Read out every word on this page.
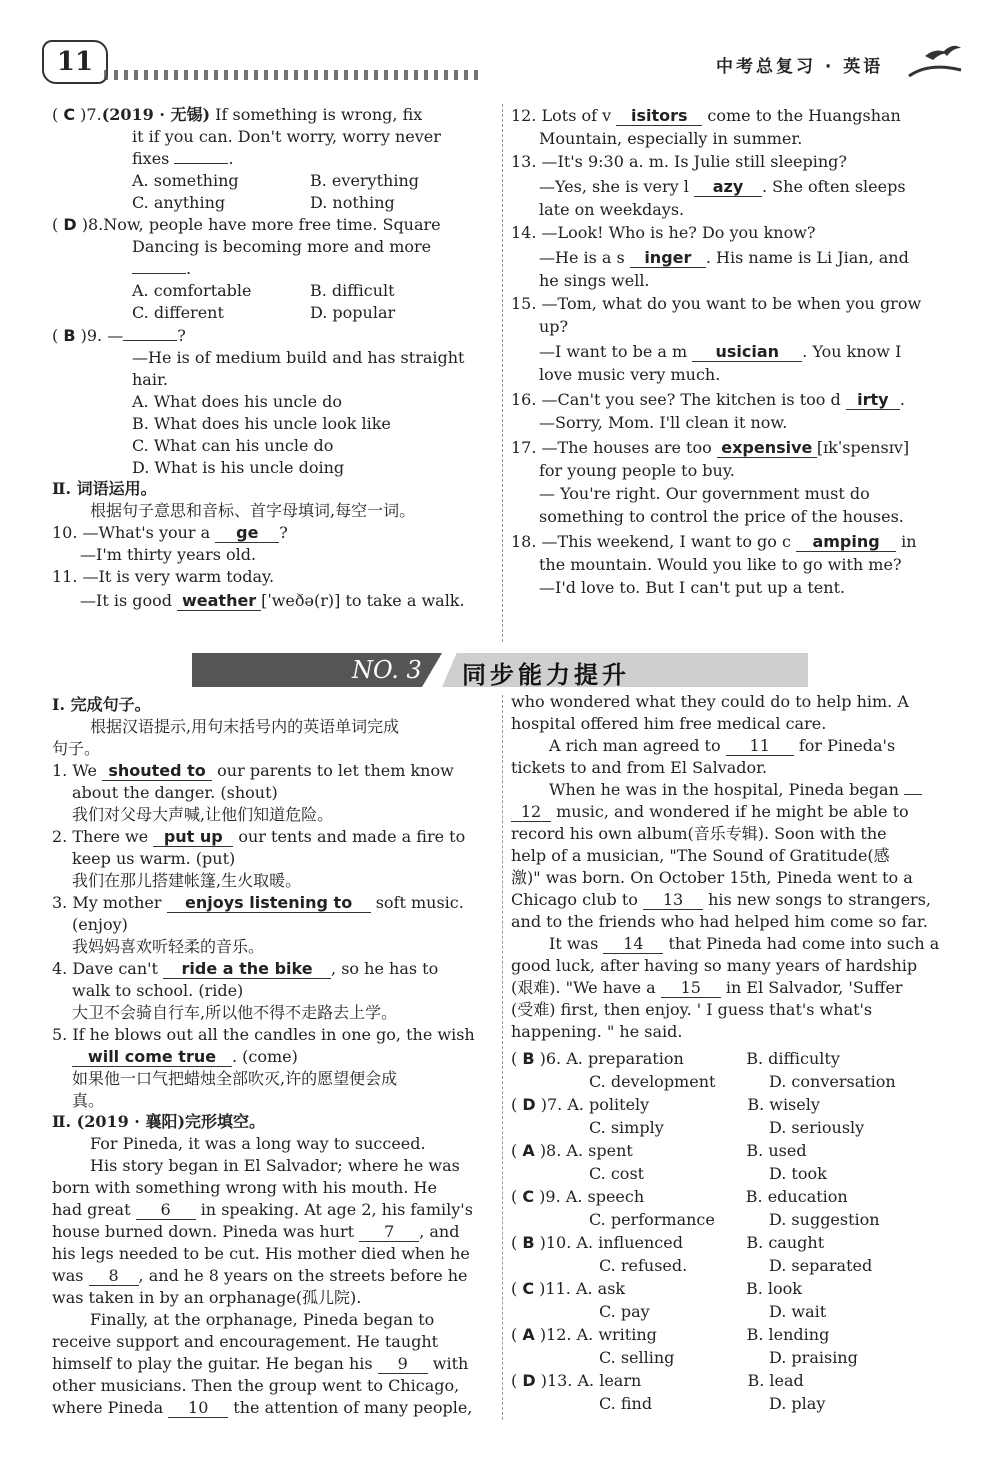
11	中考总复习 · 英语
( C )7.(2019 · 无锡) If something is wrong, fix
it if you can. Don't worry, worry never
fixes	.
A. something	B. everything
C. anything	D. nothing
( D )8.Now, people have more free time. Square
Dancing is becoming more and more
.
A. comfortable	B. difficult
C. different	D. popular
( B )9. —	?
—He is of medium build and has straight
hair.
A. What does his uncle do
B. What does his uncle look like
C. What can his uncle do
D. What is his uncle doing
Ⅱ. 词语运用。
根据句子意思和音标、首字母填词,每空一词。
10. —What's your a ge ?
—I'm thirty years old.
11. —It is very warm today.
—It is good weather [ˈweðə(r)] to take a walk.
12. Lots of v isitors come to the Huangshan
Mountain, especially in summer.
13. —It's 9:30 a. m. Is Julie still sleeping?
—Yes, she is very l azy . She often sleeps
late on weekdays.
14. —Look! Who is he? Do you know?
—He is a s inger . His name is Li Jian, and
he sings well.
15. —Tom, what do you want to be when you grow
up?
—I want to be a m usician . You know I
love music very much.
16. —Can't you see? The kitchen is too d irty .
—Sorry, Mom. I'll clean it now.
17. —The houses are too expensive [ɪkˈspensɪv]
for young people to buy.
— You're right. Our government must do
something to control the price of the houses.
18. —This weekend, I want to go c amping in
the mountain. Would you like to go with me?
—I'd love to. But I can't put up a tent.
NO. 3 同步能力提升
Ⅰ. 完成句子。
根据汉语提示,用句末括号内的英语单词完成
句子。
1. We shouted to our parents to let them know
about the danger. (shout)
我们对父母大声喊,让他们知道危险。
2. There we put up our tents and made a fire to
keep us warm. (put)
我们在那儿搭建帐篷,生火取暖。
3. My mother enjoys listening to soft music.
(enjoy)
我妈妈喜欢听轻柔的音乐。
4. Dave can't ride a the bike , so he has to
walk to school. (ride)
大卫不会骑自行车,所以他不得不走路去上学。
5. If he blows out all the candles in one go, the wish
will come true . (come)
如果他一口气把蜡烛全部吹灭,许的愿望便会成
真。
Ⅱ. (2019 · 襄阳)完形填空。
For Pineda, it was a long way to succeed.
His story began in El Salvador; where he was
born with something wrong with his mouth. He
had great 6 in speaking. At age 2, his family's
house burned down. Pineda was hurt 7 , and
his legs needed to be cut. His mother died when he
was 8 , and he 8 years on the streets before he
was taken in by an orphanage(孤儿院).
Finally, at the orphanage, Pineda began to
receive support and encouragement. He taught
himself to play the guitar. He began his 9 with
other musicians. Then the group went to Chicago,
where Pineda 10 the attention of many people,
who wondered what they could do to help him. A
hospital offered him free medical care.
A rich man agreed to 11 for Pineda's
tickets to and from El Salvador.
When he was in the hospital, Pineda began
12 music, and wondered if he might be able to
record his own album(音乐专辑). Soon with the
help of a musician, "The Sound of Gratitude(感
激)" was born. On October 15th, Pineda went to a
Chicago club to 13 his new songs to strangers,
and to the friends who had helped him come so far.
It was 14 that Pineda had come into such a
good luck, after having so many years of hardship
(艰难). "We have a 15 in El Salvador, 'Suffer
(受难) first, then enjoy. ' I guess that's what's
happening. " he said.
( B )6. A. preparation	B. difficulty
C. development	D. conversation
( D )7. A. politely	B. wisely
C. simply	D. seriously
( A )8. A. spent	B. used
C. cost	D. took
( C )9. A. speech	B. education
C. performance	D. suggestion
( B )10. A. influenced	B. caught
C. refused.	D. separated
( C )11. A. ask	B. look
C. pay	D. wait
( A )12. A. writing	B. lending
C. selling	D. praising
( D )13. A. learn	B. lead
C. find	D. play
